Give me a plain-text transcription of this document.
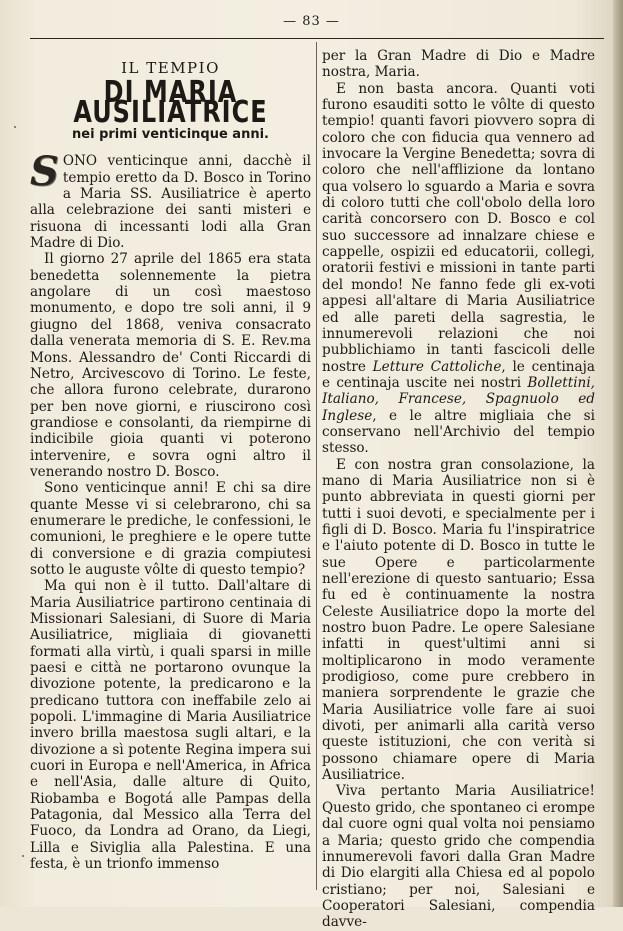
— 83 —
IL TEMPIO
DI MARIA AUSILIATRICE
nei primi venticinque anni.

SONO venticinque anni, dacchè il tempio eretto da D. Bosco in Torino a Maria SS. Ausiliatrice è aperto alla celebrazione dei santi misteri e risuona di incessanti lodi alla Gran Madre di Dio.

Il giorno 27 aprile del 1865 era stata benedetta solennemente la pietra angolare di un così maestoso monumento, e dopo tre soli anni, il 9 giugno del 1868, veniva consacrato dalla venerata memoria di S. E. Rev.ma Mons. Alessandro de' Conti Riccardi di Netro, Arcivescovo di Torino. Le feste, che allora furono celebrate, durarono per ben nove giorni, e riuscirono così grandiose e consolanti, da riempirne di indicibile gioia quanti vi poterono intervenire, e sovra ogni altro il venerando nostro D. Bosco.

Sono venticinque anni! E chi sa dire quante Messe vi si celebrarono, chi sa enumerare le prediche, le confessioni, le comunioni, le preghiere e le opere tutte di conversione e di grazia compiutesi sotto le auguste vôlte di questo tempio?

Ma qui non è il tutto. Dall'altare di Maria Ausiliatrice partirono centinaia di Missionari Salesiani, di Suore di Maria Ausiliatrice, migliaia di giovanetti formati alla virtù, i quali sparsi in mille paesi e città ne portarono ovunque la divozione potente, la predicarono e la predicano tuttora con ineffabile zelo ai popoli. L'immagine di Maria Ausiliatrice invero brilla maestosa sugli altari, e la divozione a sì potente Regina impera sui cuori in Europa e nell'America, in Africa e nell'Asia, dalle alture di Quito, Riobamba e Bogotá alle Pampas della Patagonia, dal Messico alla Terra del Fuoco, da Londra ad Orano, da Liegi, Lilla e Siviglia alla Palestina. E una festa, è un trionfo immenso

per la Gran Madre di Dio e Madre nostra, Maria.

E non basta ancora. Quanti voti furono esauditi sotto le vôlte di questo tempio! quanti favori piovvero sopra di coloro che con fiducia qua vennero ad invocare la Vergine Benedetta; sovra di coloro che nell'afflizione da lontano qua volsero lo sguardo a Maria e sovra di coloro tutti che coll'obolo della loro carità concorsero con D. Bosco e col suo successore ad innalzare chiese e cappelle, ospizii ed educatorii, collegi, oratorii festivi e missioni in tante parti del mondo! Ne fanno fede gli ex-voti appesi all'altare di Maria Ausiliatrice ed alle pareti della sagrestia, le innumerevoli relazioni che noi pubblichiamo in tanti fascicoli delle nostre Letture Cattoliche, le centinaja e centinaja uscite nei nostri Bollettini, Italiano, Francese, Spagnuolo ed Inglese, e le altre migliaia che si conservano nell'Archivio del tempio stesso.

E con nostra gran consolazione, la mano di Maria Ausiliatrice non si è punto abbreviata in questi giorni per tutti i suoi devoti, e specialmente per i figli di D. Bosco. Maria fu l'inspiratrice e l'aiuto potente di D. Bosco in tutte le sue Opere e particolarmente nell'erezione di questo santuario; Essa fu ed è continuamente la nostra Celeste Ausiliatrice dopo la morte del nostro buon Padre. Le opere Salesiane infatti in quest'ultimi anni si moltiplicarono in modo veramente prodigioso, come pure crebbero in maniera sorprendente le grazie che Maria Ausiliatrice volle fare ai suoi divoti, per animarli alla carità verso queste istituzioni, che con verità si possono chiamare opere di Maria Ausiliatrice.

Viva pertanto Maria Ausiliatrice! Questo grido, che spontaneo ci erompe dal cuore ogni qual volta noi pensiamo a Maria; questo grido che compendia innumerevoli favori dalla Gran Madre di Dio elargiti alla Chiesa ed al popolo cristiano; per noi, Salesiani e Cooperatori Salesiani, compendia davve-
